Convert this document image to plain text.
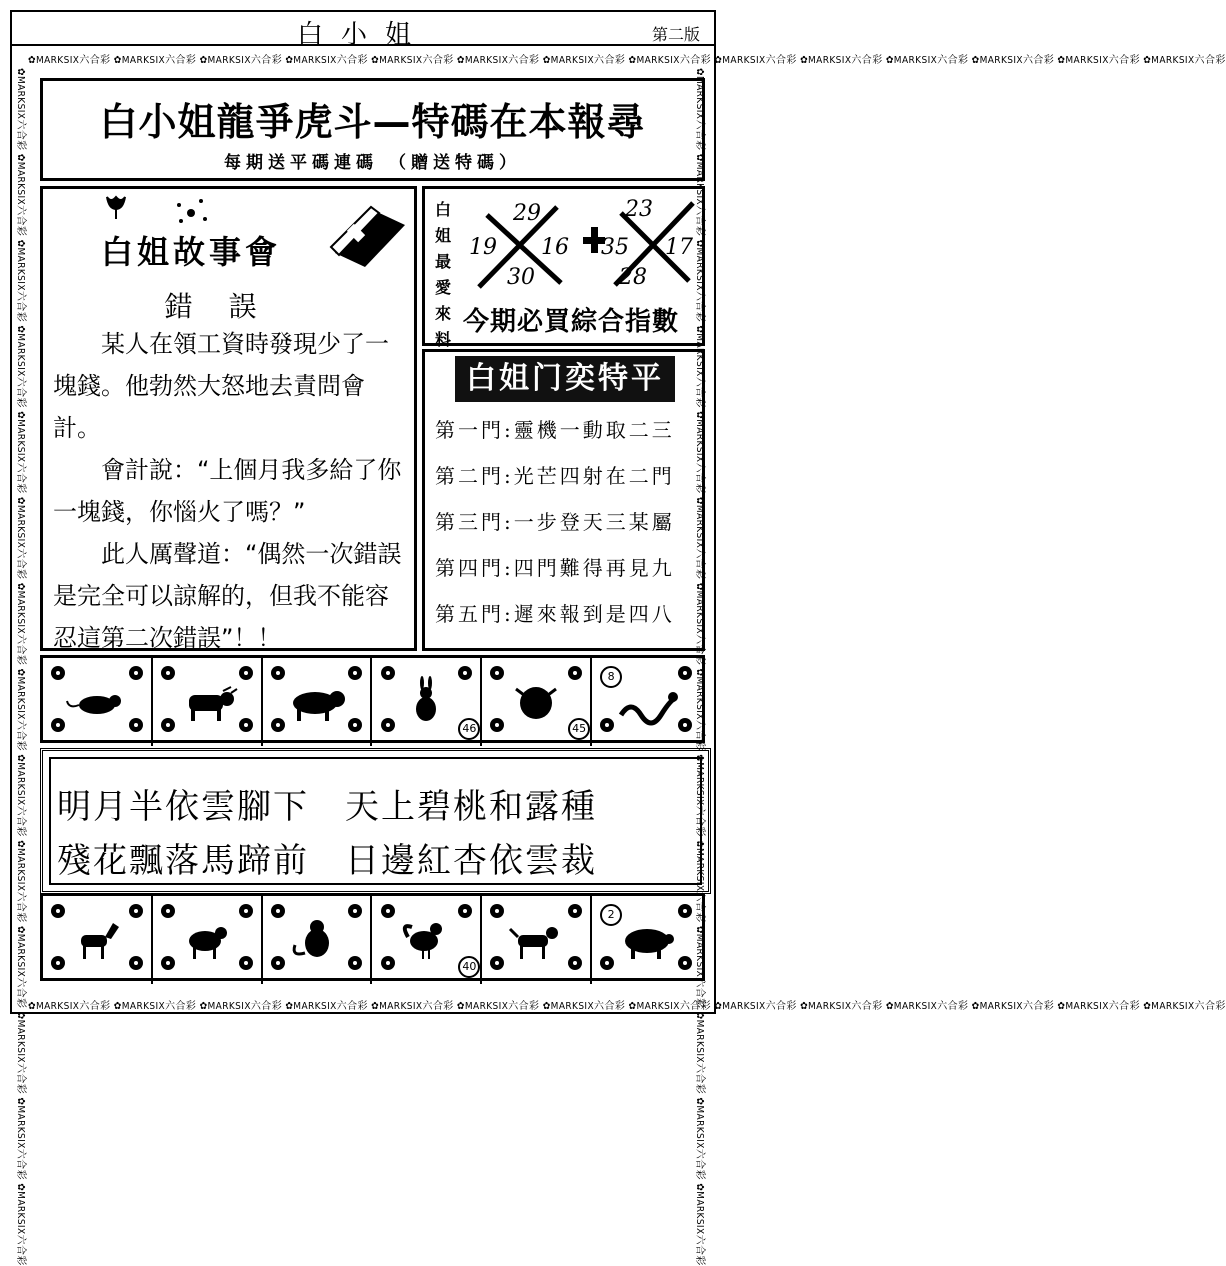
白小姐	第二版
✿MARKSIX六合彩 ✿MARKSIX六合彩 ✿MARKSIX六合彩 ✿MARKSIX六合彩 ✿MARKSIX六合彩 ✿MARKSIX六合彩 ✿MARKSIX六合彩 ✿MARKSIX六合彩 ✿MARKSIX六合彩 ✿MARKSIX六合彩 ✿MARKSIX六合彩 ✿MARKSIX六合彩 ✿MARKSIX六合彩 ✿MARKSIX六合彩
✿MARKSIX六合彩 ✿MARKSIX六合彩 ✿MARKSIX六合彩 ✿MARKSIX六合彩 ✿MARKSIX六合彩 ✿MARKSIX六合彩 ✿MARKSIX六合彩 ✿MARKSIX六合彩 ✿MARKSIX六合彩 ✿MARKSIX六合彩 ✿MARKSIX六合彩 ✿MARKSIX六合彩 ✿MARKSIX六合彩 ✿MARKSIX六合彩
✿MARKSIX六合彩 ✿MARKSIX六合彩 ✿MARKSIX六合彩 ✿MARKSIX六合彩 ✿MARKSIX六合彩 ✿MARKSIX六合彩 ✿MARKSIX六合彩 ✿MARKSIX六合彩 ✿MARKSIX六合彩 ✿MARKSIX六合彩 ✿MARKSIX六合彩 ✿MARKSIX六合彩 ✿MARKSIX六合彩 ✿MARKSIX六合彩	✿MARKSIX六合彩 ✿MARKSIX六合彩 ✿MARKSIX六合彩 ✿MARKSIX六合彩 ✿MARKSIX六合彩 ✿MARKSIX六合彩 ✿MARKSIX六合彩 ✿MARKSIX六合彩 ✿MARKSIX六合彩 ✿MARKSIX六合彩 ✿MARKSIX六合彩 ✿MARKSIX六合彩 ✿MARKSIX六合彩 ✿MARKSIX六合彩
白小姐龍爭虎斗—特碼在本報尋
每期送平碼連碼 （贈送特碼）
白姐故事會
錯誤

某人在領工資時發現少了一塊錢。他勃然大怒地去責問會計。

會計說：“上個月我多給了你一塊錢，你惱火了嗎？”

此人厲聲道：“偶然一次錯誤是完全可以諒解的，但我不能容忍這第二次錯誤”！！

白姐最愛來料
29
19 16
30
23
35 17
28
今期必買綜合指數
白姐门奕特平
第一門:靈機一動取二三
第二門:光芒四射在二門
第三門:一步登天三某屬
第四門:四門難得再見九
第五門:遲來報到是四八
46	45
8
明月半依雲腳下　天上碧桃和露種
殘花飄落馬蹄前　日邊紅杏依雲裁
40
2
